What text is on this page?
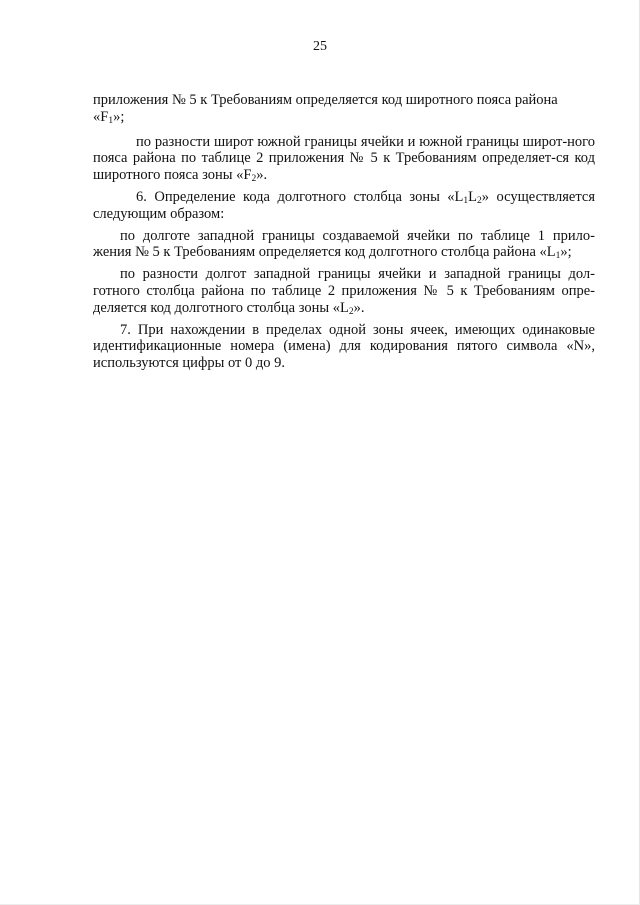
25

приложения № 5 к Требованиям определяется код широтного пояса района
«$F_1$»;

по разности широт южной границы ячейки и южной границы широт-ного пояса района по таблице 2 приложения № 5 к Требованиям определяет-ся код широтного пояса зоны «$F_2$».

6. Определение кода долготного столбца зоны «$L_1L_2$» осуществляется следующим образом:

по долготе западной границы создаваемой ячейки по таблице 1 прило-жения № 5 к Требованиям определяется код долготного столбца района «$L_1$»;

по разности долгот западной границы ячейки и западной границы дол-готного столбца района по таблице 2 приложения № 5 к Требованиям опре-деляется код долготного столбца зоны «$L_2$».

7. При нахождении в пределах одной зоны ячеек, имеющих одинаковые идентификационные номера (имена) для кодирования пятого символа «N», используются цифры от 0 до 9.
